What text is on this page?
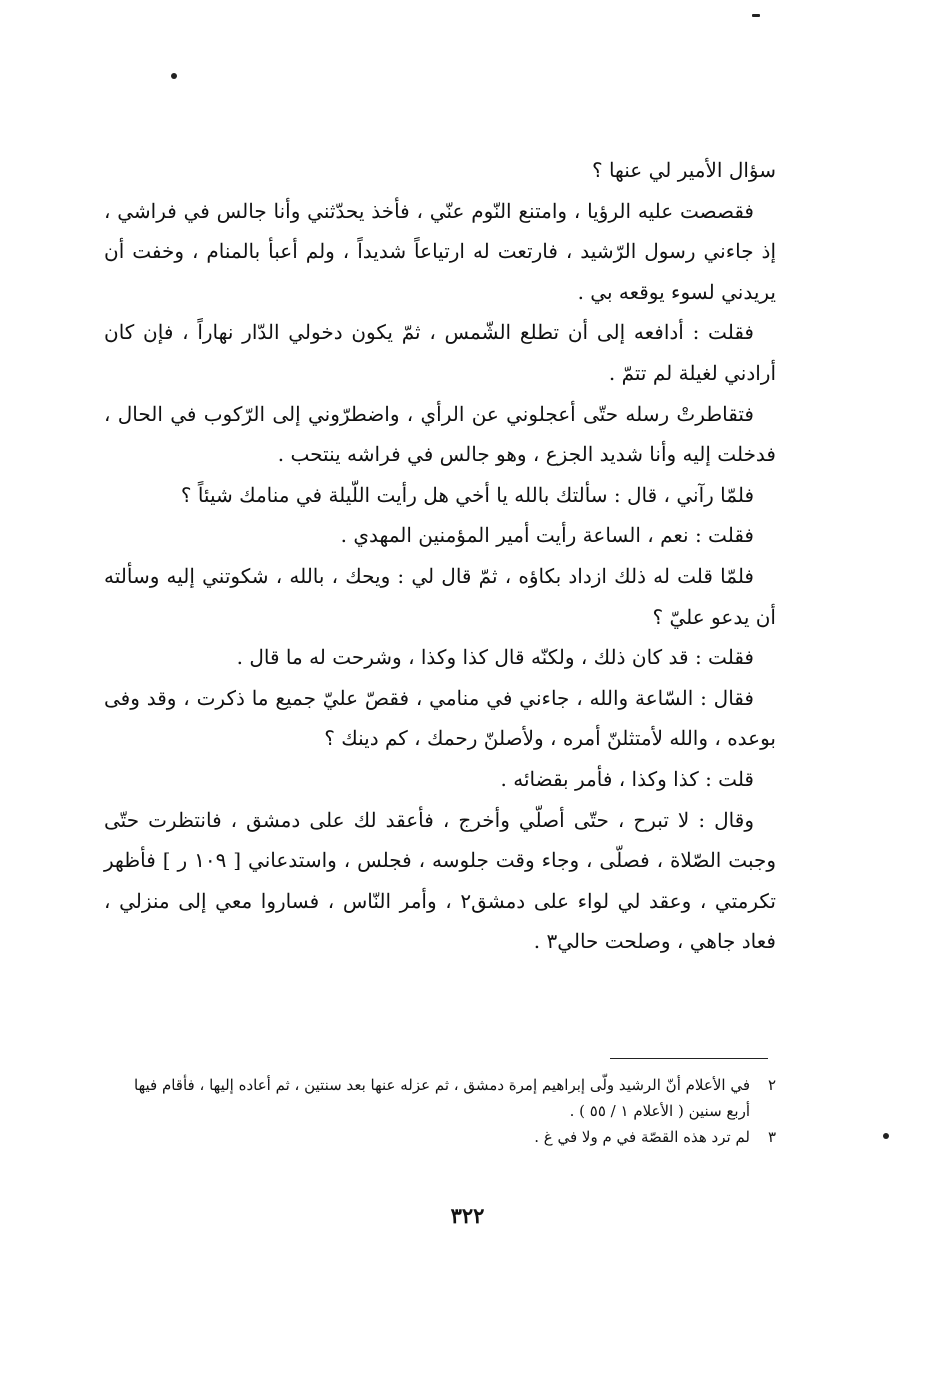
سؤال الأمير لي عنها ؟

فقصصت عليه الرؤيا ، وامتنع النّوم عنّي ، فأخذ يحدّثني وأنا جالس في فراشي ، إذ جاءني رسول الرّشيد ، فارتعت له ارتياعاً شديداً ، ولم أعبأ بالمنام ، وخفت أن يريدني لسوء يوقعه بي .

فقلت : أدافعه إلى أن تطلع الشّمس ، ثمّ يكون دخولي الدّار نهاراً ، فإن كان أرادني لغيلة لم تتمّ .

فتقاطرتْ رسله حتّى أعجلوني عن الرأي ، واضطرّوني إلى الرّكوب في الحال ، فدخلت إليه وأنا شديد الجزع ، وهو جالس في فراشه ينتحب .

فلمّا رآني ، قال : سألتك بالله يا أخي هل رأيت اللّيلة في منامك شيئاً ؟

فقلت : نعم ، الساعة رأيت أمير المؤمنين المهدي .

فلمّا قلت له ذلك ازداد بكاؤه ، ثمّ قال لي : ويحك ، بالله ، شكوتني إليه وسألته أن يدعو عليّ ؟

فقلت : قد كان ذلك ، ولكنّه قال كذا وكذا ، وشرحت له ما قال .

فقال : السّاعة والله ، جاءني في منامي ، فقصّ عليّ جميع ما ذكرت ، وقد وفى بوعده ، والله لأمتثلنّ أمره ، ولأصلنّ رحمك ، كم دينك ؟

قلت : كذا وكذا ، فأمر بقضائه .

وقال : لا تبرح ، حتّى أصلّي وأخرج ، فأعقد لك على دمشق ، فانتظرت حتّى وجبت الصّلاة ، فصلّى ، وجاء وقت جلوسه ، فجلس ، واستدعاني [ ١٠٩ ر ] فأظهر تكرمتي ، وعقد لي لواء على دمشق٢ ، وأمر النّاس ، فساروا معي إلى منزلي ، فعاد جاهي ، وصلحت حالي٣ .

٢في الأعلام أنّ الرشيد ولّى إبراهيم إمرة دمشق ، ثم عزله عنها بعد سنتين ، ثم أعاده إليها ، فأقام فيها

أربع سنين ( الأعلام ١ / ٥٥ ) .

٣لم ترد هذه القصّة في م ولا في غ .

٣٢٢
